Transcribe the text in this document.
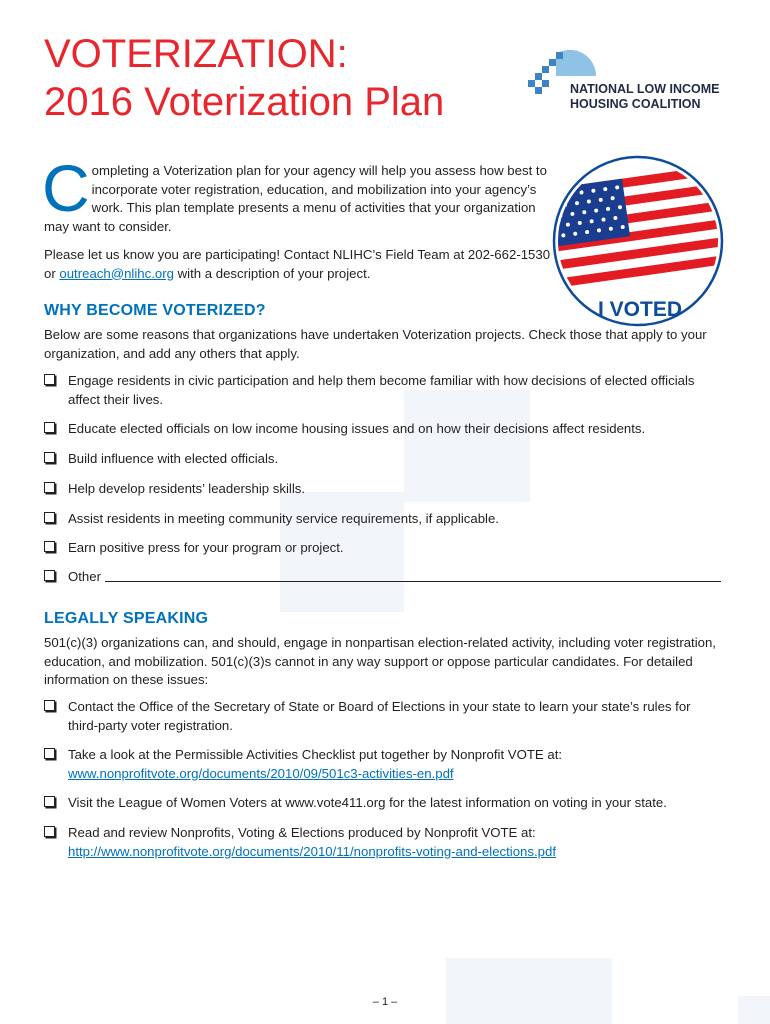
VOTERIZATION:
2016 Voterization Plan	NATIONAL LOW INCOME
HOUSING COALITION
C ompleting a Voterization plan for your agency will help you assess how best to incorporate voter registration, education, and mobilization into your agency’s work. This plan template presents a menu of activities that your organization may want to consider.

Please let us know you are participating! Contact NLIHC’s Field Team at 202-662-1530 or outreach@nlihc.org with a description of your project.

I VOTED
WHY BECOME VOTERIZED?

Below are some reasons that organizations have undertaken Voterization projects. Check those that apply to your organization, and add any others that apply.

Engage residents in civic participation and help them become familiar with how decisions of elected officials affect their lives.
Educate elected officials on low income housing issues and on how their decisions affect residents.
Build influence with elected officials.
Help develop residents’ leadership skills.
Assist residents in meeting community service requirements, if applicable.
Earn positive press for your program or project.
Other
LEGALLY SPEAKING

501(c)(3) organizations can, and should, engage in nonpartisan election-related activity, including voter registration, education, and mobilization. 501(c)(3)s cannot in any way support or oppose particular candidates. For detailed information on these issues:

Contact the Office of the Secretary of State or Board of Elections in your state to learn your state’s rules for third-party voter registration.
Take a look at the Permissible Activities Checklist put together by Nonprofit VOTE at: www.nonprofitvote.org/documents/2010/09/501c3-activities-en.pdf
Visit the League of Women Voters at www.vote411.org for the latest information on voting in your state.
Read and review Nonprofits, Voting & Elections produced by Nonprofit VOTE at: http://www.nonprofitvote.org/documents/2010/11/nonprofits-voting-and-elections.pdf
– 1 –
